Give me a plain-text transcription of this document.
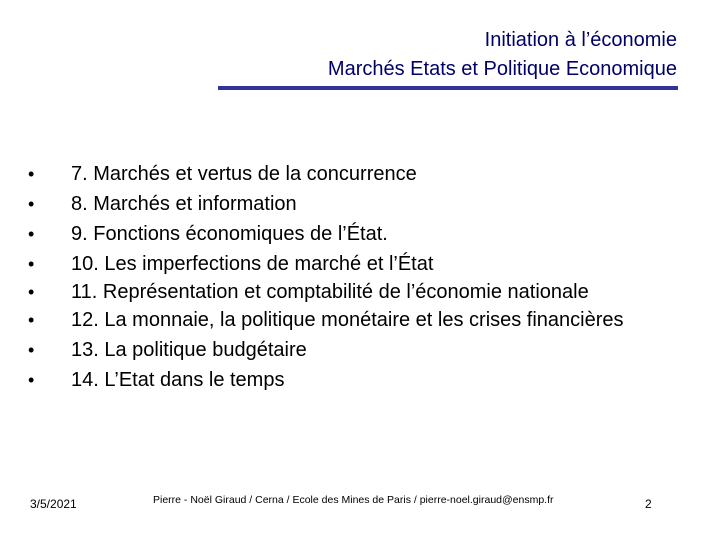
Initiation à l’économie
Marchés Etats et Politique Economique
• 7. Marchés et vertus de la concurrence
• 8. Marchés et information
• 9. Fonctions économiques de l’État.
• 10. Les imperfections de marché et l’État
• 11. Représentation et comptabilité de l’économie nationale
• 12. La monnaie, la politique monétaire et les crises financières
• 13. La politique budgétaire
• 14. L’Etat dans le temps
3/5/2021	Pierre - Noël Giraud / Cerna / Ecole des Mines de Paris / pierre-noel.giraud@ensmp.fr	2
